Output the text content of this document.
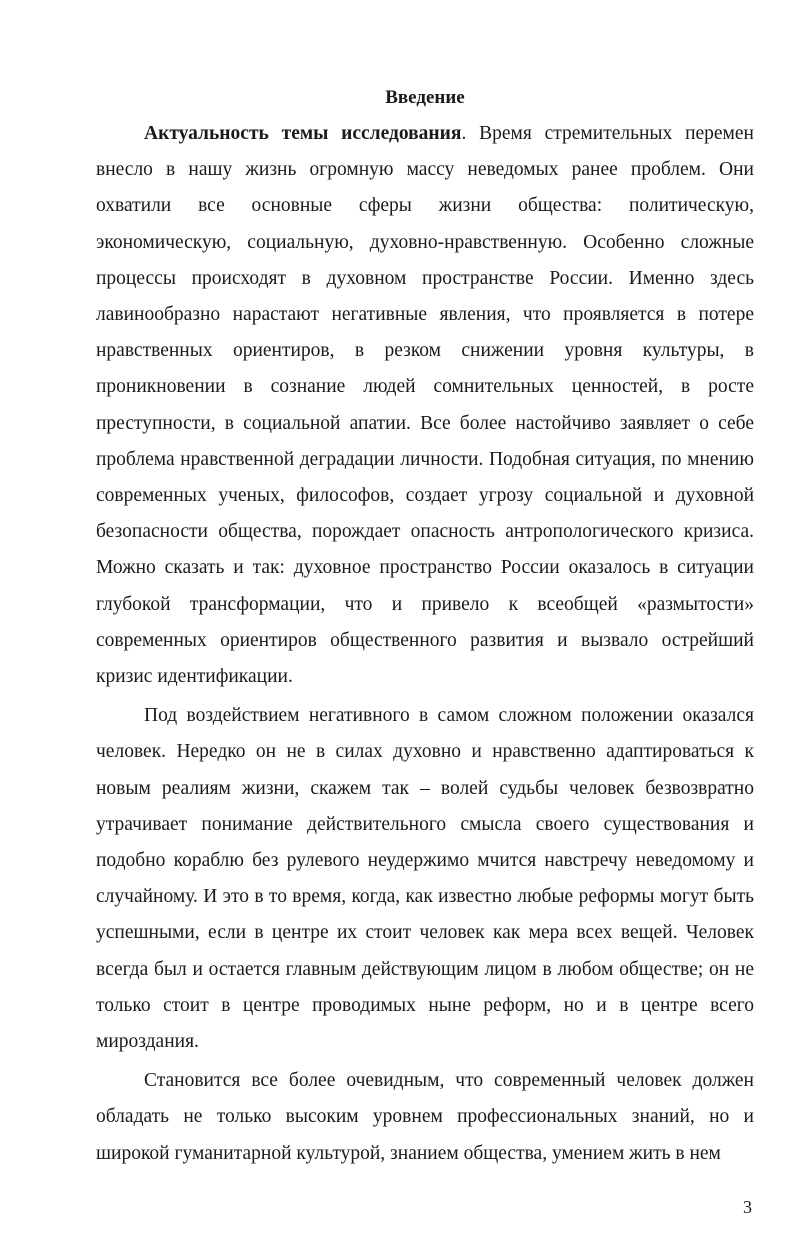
Введение

Актуальность темы исследования. Время стремительных перемен внесло в нашу жизнь огромную массу неведомых ранее проблем. Они охватили все основные сферы жизни общества: политическую, экономическую, социальную, духовно-нравственную. Особенно сложные процессы происходят в духовном пространстве России. Именно здесь лавинообразно нарастают негативные явления, что проявляется в потере нравственных ориентиров, в резком снижении уровня культуры, в проникновении в сознание людей сомнительных ценностей, в росте преступности, в социальной апатии. Все более настойчиво заявляет о себе проблема нравственной деградации личности. Подобная ситуация, по мнению современных ученых, философов, создает угрозу социальной и духовной безопасности общества, порождает опасность антропологического кризиса. Можно сказать и так: духовное пространство России оказалось в ситуации глубокой трансформации, что и привело к всеобщей «размытости» современных ориентиров общественного развития и вызвало острейший кризис идентификации.

Под воздействием негативного в самом сложном положении оказался человек. Нередко он не в силах духовно и нравственно адаптироваться к новым реалиям жизни, скажем так – волей судьбы человек безвозвратно утрачивает понимание действительного смысла своего существования и подобно кораблю без рулевого неудержимо мчится навстречу неведомому и случайному. И это в то время, когда, как известно любые реформы могут быть успешными, если в центре их стоит человек как мера всех вещей. Человек всегда был и остается главным действующим лицом в любом обществе; он не только стоит в центре проводимых ныне реформ, но и в центре всего мироздания.

Становится все более очевидным, что современный человек должен обладать не только высоким уровнем профессиональных знаний, но и широкой гуманитарной культурой, знанием общества, умением жить в нем

3
